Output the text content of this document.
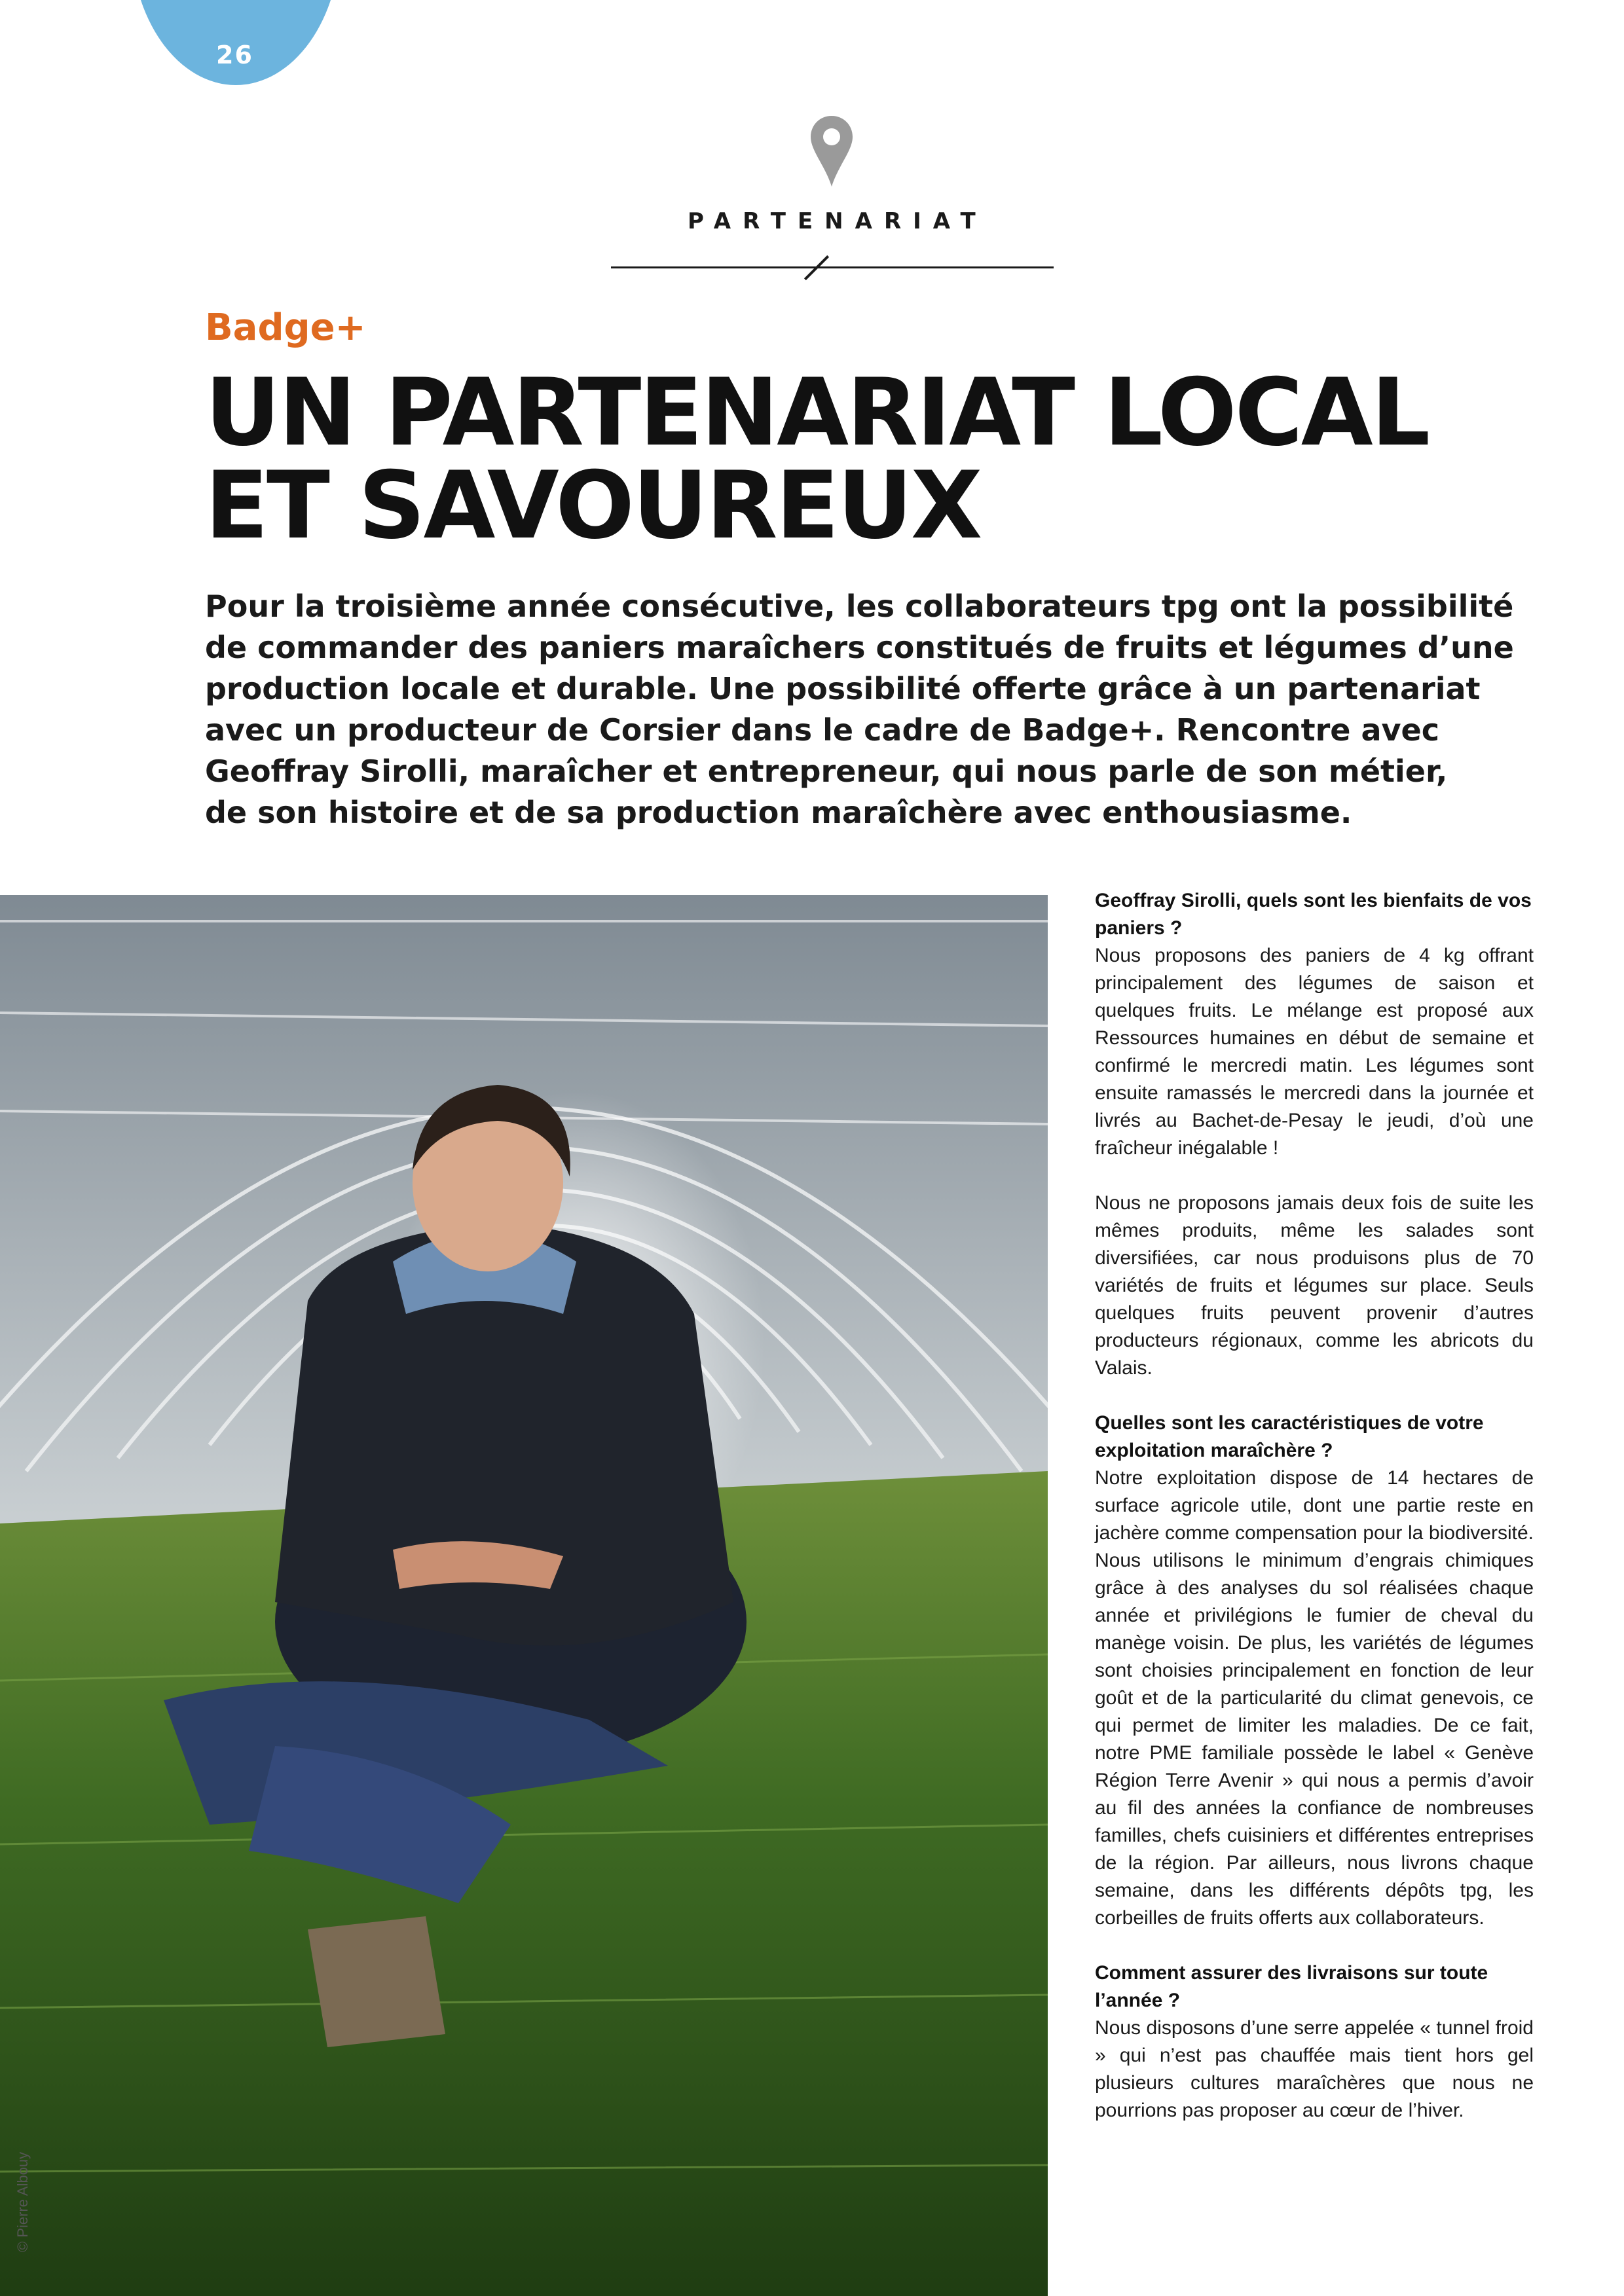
26
PARTENARIAT
Badge+
UN PARTENARIAT LOCAL
ET SAVOUREUX

Pour la troisième année consécutive, les collaborateurs tpg ont la possibilité
de commander des paniers maraîchers constitués de fruits et légumes d’une
production locale et durable. Une possibilité offerte grâce à un partenariat
avec un producteur de Corsier dans le cadre de Badge+. Rencontre avec
Geoffray Sirolli, maraîcher et entrepreneur, qui nous parle de son métier,
de son histoire et de sa production maraîchère avec enthousiasme.

© Pierre Albouy

Geoffray Sirolli, quels sont les bienfaits de vos paniers ?

Nous proposons des paniers de 4 kg offrant principalement des légumes de saison et quelques fruits. Le mélange est proposé aux Ressources humaines en début de semaine et confirmé le mercredi matin. Les légumes sont ensuite ramassés le mercredi dans la journée et livrés au Bachet-de-Pesay le jeudi, d’où une fraîcheur inégalable !

Nous ne proposons jamais deux fois de suite les mêmes produits, même les salades sont diversifiées, car nous produisons plus de 70 variétés de fruits et légumes sur place. Seuls quelques fruits peuvent provenir d’autres producteurs régionaux, comme les abricots du Valais.

Quelles sont les caractéristiques de votre exploitation maraîchère ?

Notre exploitation dispose de 14 hectares de surface agricole utile, dont une partie reste en jachère comme compensation pour la biodiversité. Nous utilisons le minimum d’engrais chimiques grâce à des analyses du sol réalisées chaque année et privilégions le fumier de cheval du manège voisin. De plus, les variétés de légumes sont choisies principalement en fonction de leur goût et de la particularité du climat genevois, ce qui permet de limiter les maladies. De ce fait, notre PME familiale possède le label « Genève Région Terre Avenir » qui nous a permis d’avoir au fil des années la confiance de nombreuses familles, chefs cuisiniers et différentes entreprises de la région. Par ailleurs, nous livrons chaque semaine, dans les différents dépôts tpg, les corbeilles de fruits offerts aux collaborateurs.

Comment assurer des livraisons sur toute l’année ?

Nous disposons d’une serre appelée « tunnel froid » qui n’est pas chauffée mais tient hors gel plusieurs cultures maraîchères que nous ne pourrions pas proposer au cœur de l’hiver.
